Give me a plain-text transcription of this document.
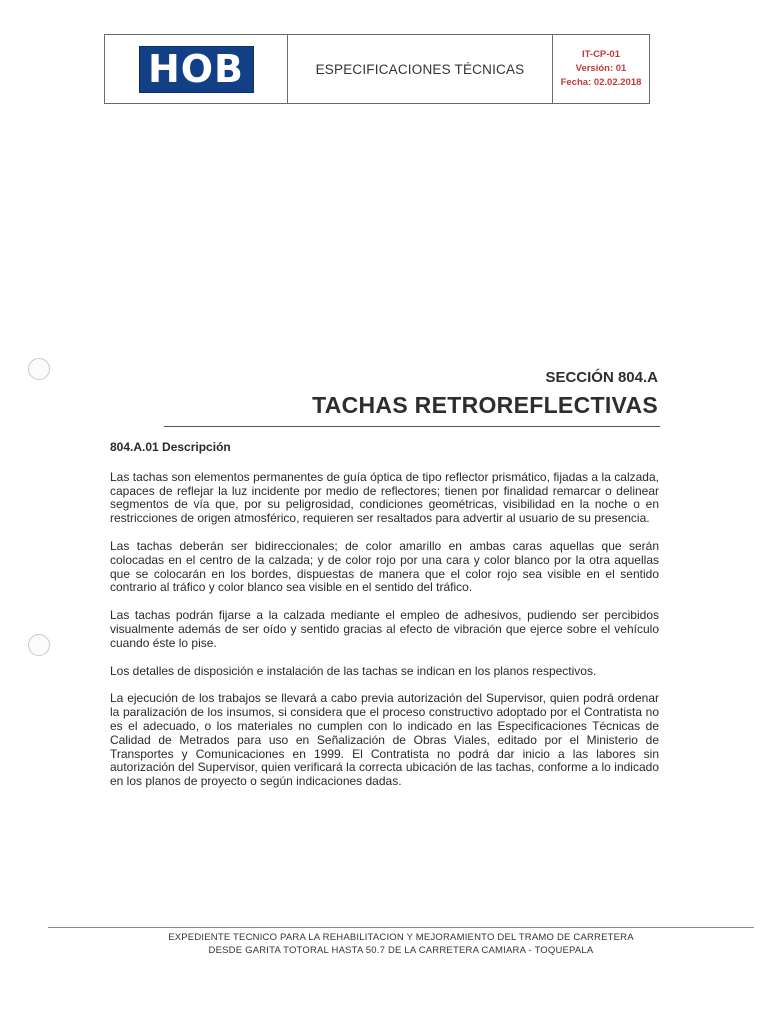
HOB	ESPECIFICACIONES TÉCNICAS
IT-CP-01
Versión: 01
Fecha: 02.02.2018
SECCIÓN 804.A
TACHAS RETROREFLECTIVAS
804.A.01 Descripción

Las tachas son elementos permanentes de guía óptica de tipo reflector prismático, fijadas a la calzada, capaces de reflejar la luz incidente por medio de reflectores; tienen por finalidad remarcar o delinear segmentos de vía que, por su peligrosidad, condiciones geométricas, visibilidad en la noche o en restricciones de origen atmosférico, requieren ser resaltados para advertir al usuario de su presencia.

Las tachas deberán ser bidireccionales; de color amarillo en ambas caras aquellas que serán colocadas en el centro de la calzada; y de color rojo por una cara y color blanco por la otra aquellas que se colocarán en los bordes, dispuestas de manera que el color rojo sea visible en el sentido contrario al tráfico y color blanco sea visible en el sentido del tráfico.

Las tachas podrán fijarse a la calzada mediante el empleo de adhesivos, pudiendo ser percibidos visualmente además de ser oído y sentido gracias al efecto de vibración que ejerce sobre el vehículo cuando éste lo pise.

Los detalles de disposición e instalación de las tachas se indican en los planos respectivos.

La ejecución de los trabajos se llevará a cabo previa autorización del Supervisor, quien podrá ordenar la paralización de los insumos, si considera que el proceso constructivo adoptado por el Contratista no es el adecuado, o los materiales no cumplen con lo indicado en las Especificaciones Técnicas de Calidad de Metrados para uso en Señalización de Obras Viales, editado por el Ministerio de Transportes y Comunicaciones en 1999. El Contratista no podrá dar inicio a las labores sin autorización del Supervisor, quien verificará la correcta ubicación de las tachas, conforme a lo indicado en los planos de proyecto o según indicaciones dadas.

EXPEDIENTE TECNICO PARA LA REHABILITACION Y MEJORAMIENTO DEL TRAMO DE CARRETERA
DESDE GARITA TOTORAL HASTA 50.7 DE LA CARRETERA CAMIARA - TOQUEPALA
